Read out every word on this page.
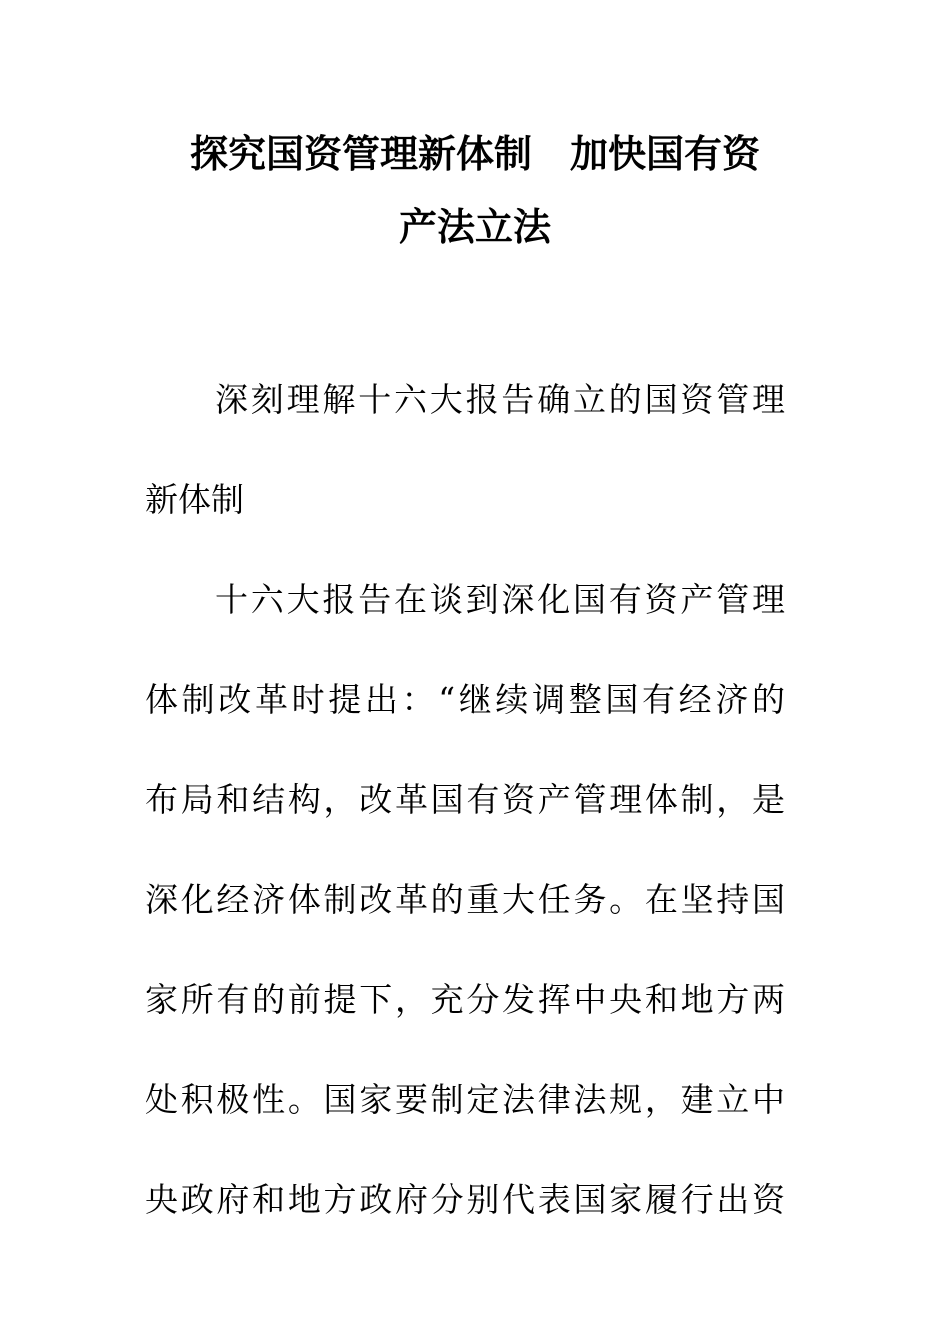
探究国资管理新体制　加快国有资
产法立法
深刻理解十六大报告确立的国资管理
新体制
十六大报告在谈到深化国有资产管理
体制改革时提出：“继续调整国有经济的
布局和结构，改革国有资产管理体制，是
深化经济体制改革的重大任务。在坚持国
家所有的前提下，充分发挥中央和地方两
处积极性。国家要制定法律法规，建立中
央政府和地方政府分别代表国家履行出资
